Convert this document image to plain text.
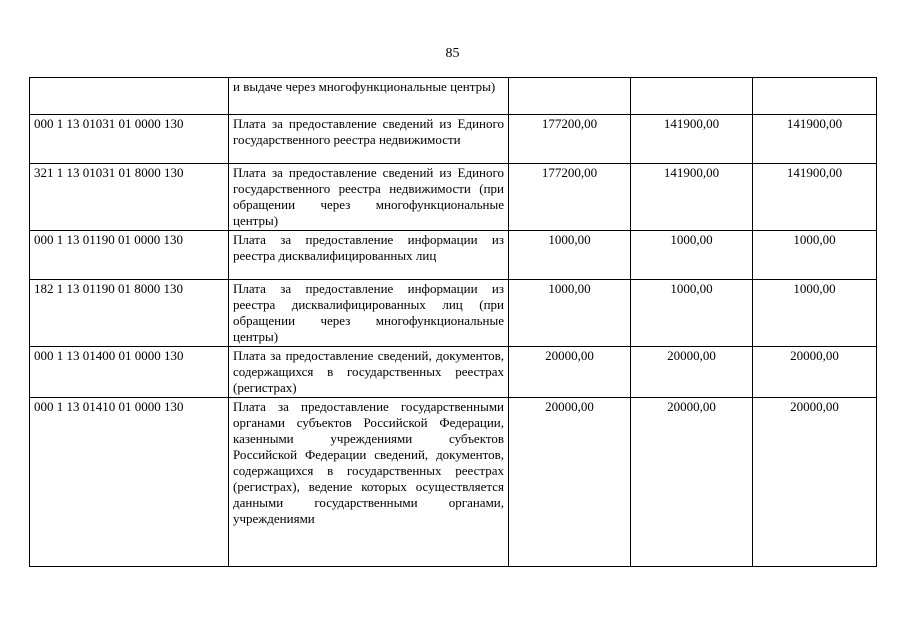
85
	и выдаче через многофункциональные центры)			
000 1 13 01031 01 0000 130	Плата за предоставление сведений из Единого государственного реестра недвижимости	177200,00	141900,00	141900,00
321 1 13 01031 01 8000 130	Плата за предоставление сведений из Единого государственного реестра недвижимости (при обращении через многофункциональные центры)	177200,00	141900,00	141900,00
000 1 13 01190 01 0000 130	Плата за предоставление информации из реестра дисквалифицированных лиц	1000,00	1000,00	1000,00
182 1 13 01190 01 8000 130	Плата за предоставление информации из реестра дисквалифицированных лиц (при обращении через многофункциональные центры)	1000,00	1000,00	1000,00
000 1 13 01400 01 0000 130	Плата за предоставление сведений, документов, содержащихся в государственных реестрах (регистрах)	20000,00	20000,00	20000,00
000 1 13 01410 01 0000 130	Плата за предоставление государственными органами субъектов Российской Федерации, казенными учреждениями субъектов Российской Федерации сведений, документов, содержащихся в государственных реестрах (регистрах), ведение которых осуществляется данными государственными органами, учреждениями	20000,00	20000,00	20000,00
